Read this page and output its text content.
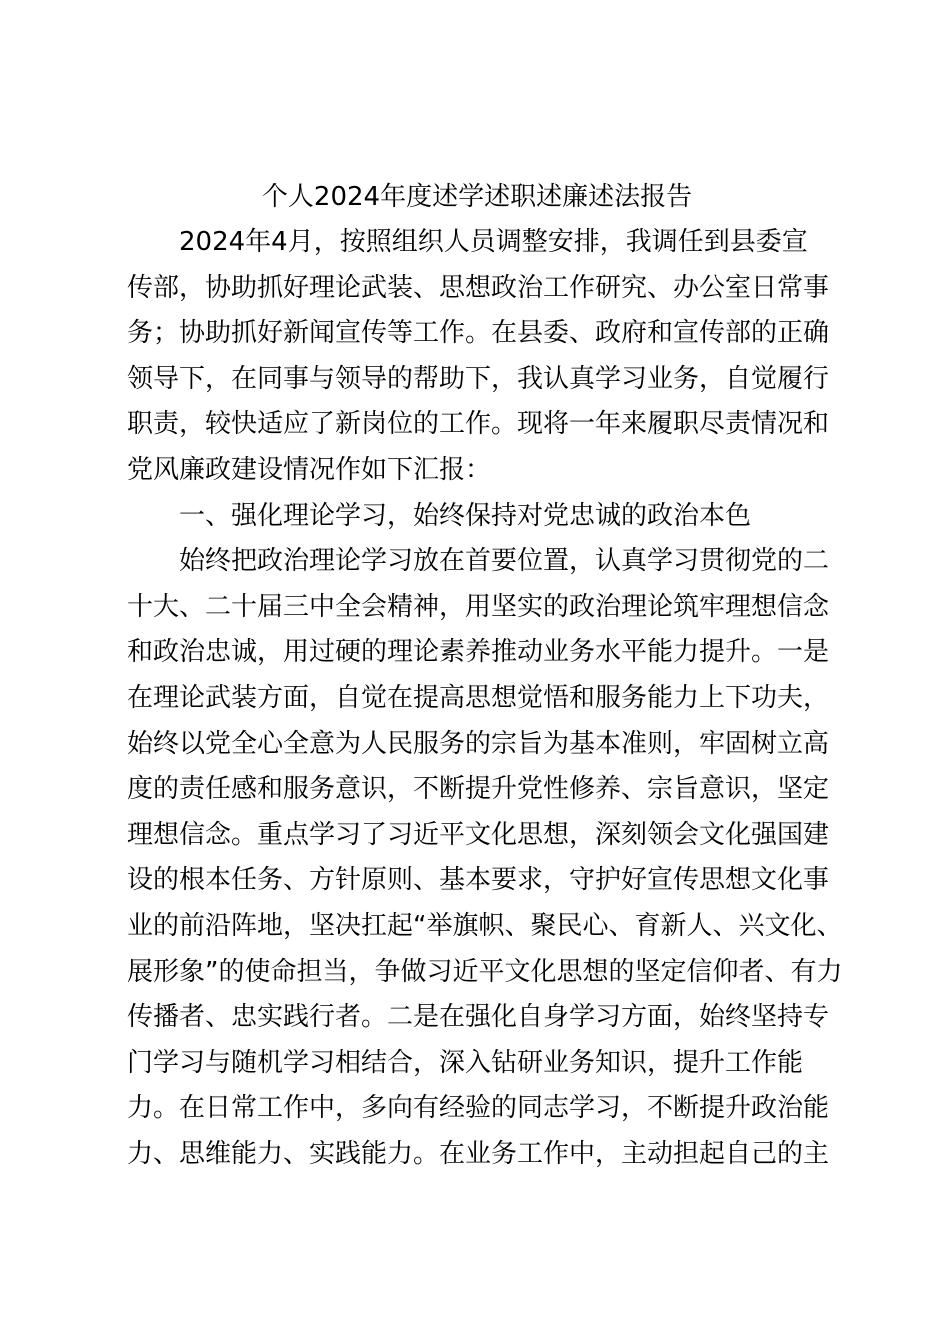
个人2024年度述学述职述廉述法报告

2024年4月，按照组织人员调整安排，我调任到县委宣

传部，协助抓好理论武装、思想政治工作研究、办公室日常事

务；协助抓好新闻宣传等工作。在县委、政府和宣传部的正确

领导下，在同事与领导的帮助下，我认真学习业务，自觉履行

职责，较快适应了新岗位的工作。现将一年来履职尽责情况和

党风廉政建设情况作如下汇报：

一、强化理论学习，始终保持对党忠诚的政治本色

始终把政治理论学习放在首要位置，认真学习贯彻党的二

十大、二十届三中全会精神，用坚实的政治理论筑牢理想信念

和政治忠诚，用过硬的理论素养推动业务水平能力提升。一是

在理论武装方面，自觉在提高思想觉悟和服务能力上下功夫，

始终以党全心全意为人民服务的宗旨为基本准则，牢固树立高

度的责任感和服务意识，不断提升党性修养、宗旨意识，坚定

理想信念。重点学习了习近平文化思想，深刻领会文化强国建

设的根本任务、方针原则、基本要求，守护好宣传思想文化事

业的前沿阵地，坚决扛起“举旗帜、聚民心、育新人、兴文化、

展形象”的使命担当，争做习近平文化思想的坚定信仰者、有力

传播者、忠实践行者。二是在强化自身学习方面，始终坚持专

门学习与随机学习相结合，深入钻研业务知识，提升工作能

力。在日常工作中，多向有经验的同志学习，不断提升政治能

力、思维能力、实践能力。在业务工作中，主动担起自己的主
